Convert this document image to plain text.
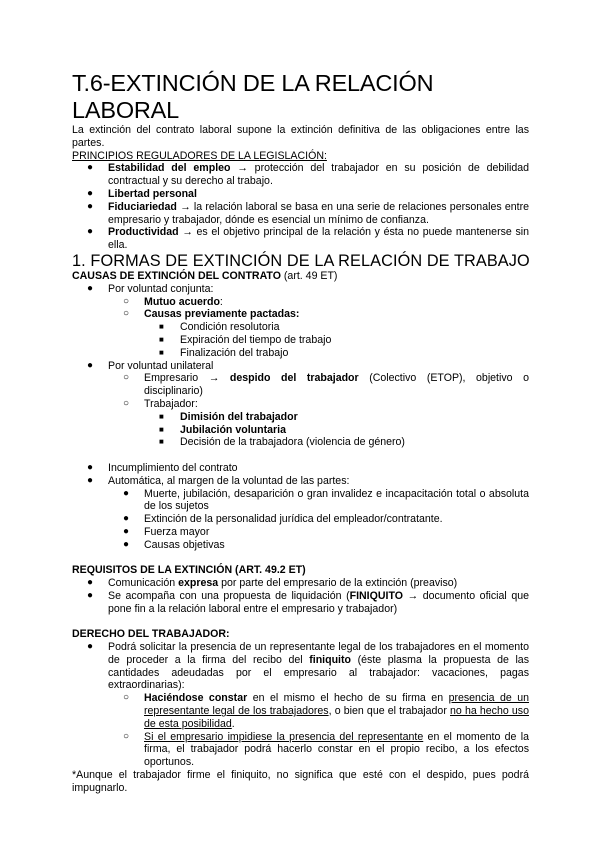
T.6-EXTINCIÓN DE LA RELACIÓN LABORAL

La extinción del contrato laboral supone la extinción definitiva de las obligaciones entre las partes.

PRINCIPIOS REGULADORES DE LA LEGISLACIÓN:

● Estabilidad del empleo → protección del trabajador en su posición de debilidad contractual y su derecho al trabajo.
● Libertad personal
● Fiduciariedad → la relación laboral se basa en una serie de relaciones personales entre empresario y trabajador, dónde es esencial un mínimo de confianza.
● Productividad → es el objetivo principal de la relación y ésta no puede mantenerse sin ella.
1. FORMAS DE EXTINCIÓN DE LA RELACIÓN DE TRABAJO

CAUSAS DE EXTINCIÓN DEL CONTRATO (art. 49 ET)

● Por voluntad conjunta:
○ Mutuo acuerdo:
○ Causas previamente pactadas:
■ Condición resolutoria
■ Expiración del tiempo de trabajo
■ Finalización del trabajo
● Por voluntad unilateral
○ Empresario → despido del trabajador (Colectivo (ETOP), objetivo o disciplinario)
○ Trabajador:
■ Dimisión del trabajador
■ Jubilación voluntaria
■ Decisión de la trabajadora (violencia de género)
● Incumplimiento del contrato
● Automática, al margen de la voluntad de las partes:
● Muerte, jubilación, desaparición o gran invalidez e incapacitación total o absoluta de los sujetos
● Extinción de la personalidad jurídica del empleador/contratante.
● Fuerza mayor
● Causas objetivas

REQUISITOS DE LA EXTINCIÓN (ART. 49.2 ET)

● Comunicación expresa por parte del empresario de la extinción (preaviso)
● Se acompaña con una propuesta de liquidación (FINIQUITO → documento oficial que pone fin a la relación laboral entre el empresario y trabajador)

DERECHO DEL TRABAJADOR:

● Podrá solicitar la presencia de un representante legal de los trabajadores en el momento de proceder a la firma del recibo del finiquito (éste plasma la propuesta de las cantidades adeudadas por el empresario al trabajador: vacaciones, pagas extraordinarias):
○ Haciéndose constar en el mismo el hecho de su firma en presencia de un representante legal de los trabajadores, o bien que el trabajador no ha hecho uso de esta posibilidad.
○ Si el empresario impidiese la presencia del representante en el momento de la firma, el trabajador podrá hacerlo constar en el propio recibo, a los efectos oportunos.

*Aunque el trabajador firme el finiquito, no significa que esté con el despido, pues podrá impugnarlo.
